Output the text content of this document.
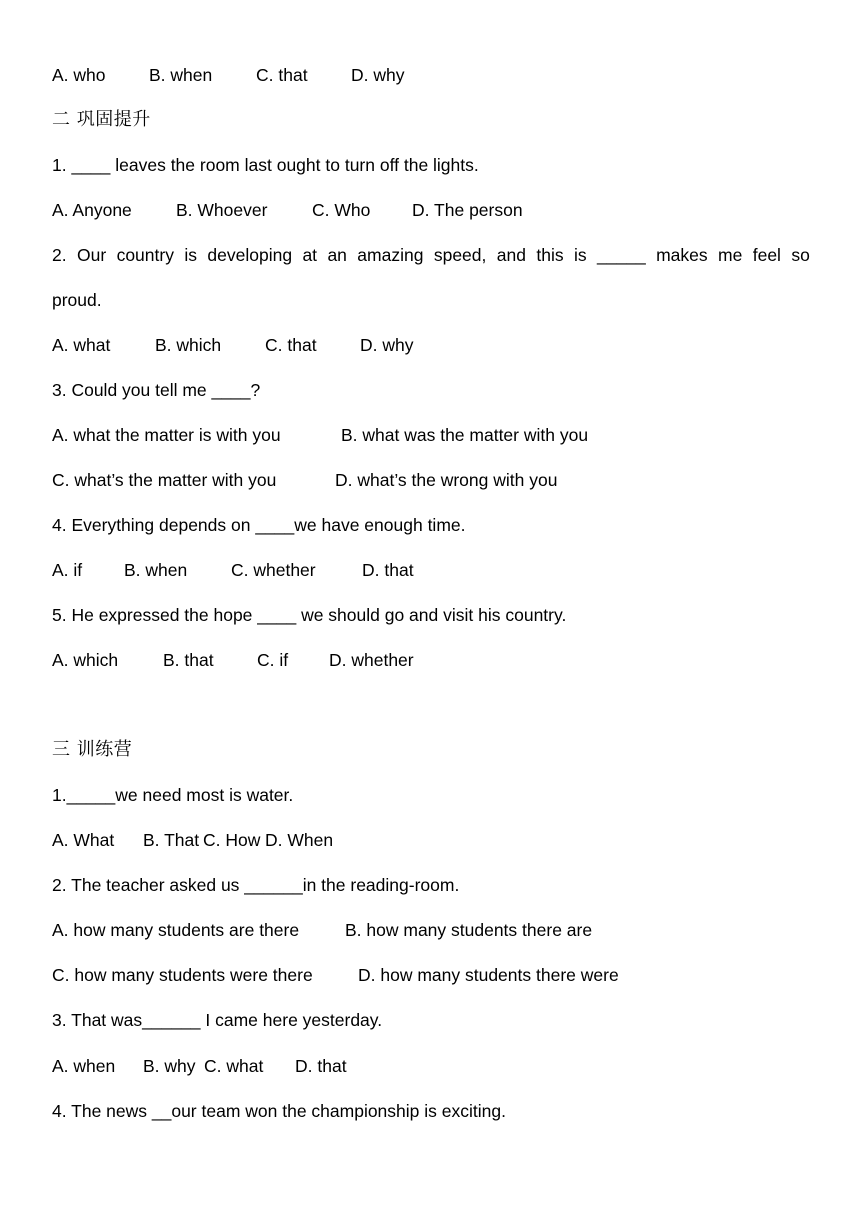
A. who B. when	C. that D. why
二 巩固提升
1. ____ leaves the room last ought to turn off the lights.
A. Anyone	B. Whoever	C. Who D. The person
2. Our country is developing at an amazing speed, and this is _____ makes me feel so
proud.
A. what	B. which	C. that D. why
3. Could you tell me ____?
A. what the matter is with you	B. what was the matter with you
C. what’s the matter with you	D. what’s the wrong with you
4. Everything depends on ____we have enough time.
A. if B. when	C. whether	D. that
5. He expressed the hope ____ we should go and visit his country.
A. which	B. that C. if D. whether
三 训练营
1._____we need most is water.
A. What B. That C. How D. When
2. The teacher asked us ______in the reading-room.
A. how many students are there	B. how many students there are
C. how many students were there	D. how many students there were
3. That was______ I came here yesterday.
A. when B. why C. what D. that
4. The news __our team won the championship is exciting.
